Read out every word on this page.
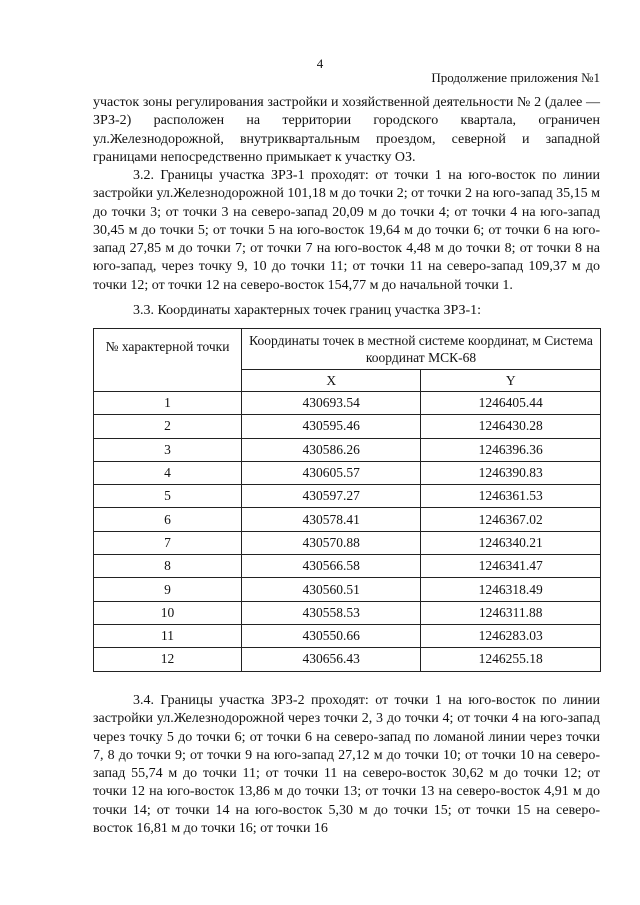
4
Продолжение приложения №1

участок зоны регулирования застройки и хозяйственной деятельности № 2 (далее — ЗРЗ-2) расположен на территории городского квартала, ограничен ул.Железнодорожной, внутриквартальным проездом, северной и западной границами непосредственно примыкает к участку ОЗ.

3.2. Границы участка ЗРЗ-1 проходят: от точки 1 на юго-восток по линии застройки ул.Железнодорожной 101,18 м до точки 2; от точки 2 на юго-запад 35,15 м до точки 3; от точки 3 на северо-запад 20,09 м до точки 4; от точки 4 на юго-запад 30,45 м до точки 5; от точки 5 на юго-восток 19,64 м до точки 6; от точки 6 на юго-запад 27,85 м до точки 7; от точки 7 на юго-восток 4,48 м до точки 8; от точки 8 на юго-запад, через точку 9, 10 до точки 11; от точки 11 на северо-запад 109,37 м до точки 12; от точки 12 на северо-восток 154,77 м до начальной точки 1.

3.3. Координаты характерных точек границ участка ЗРЗ-1:

№ характерной точки	Координаты точек в местной системе координат, м Система координат МСК-68	
	X	Y
1	430693.54	1246405.44
2	430595.46	1246430.28
3	430586.26	1246396.36
4	430605.57	1246390.83
5	430597.27	1246361.53
6	430578.41	1246367.02
7	430570.88	1246340.21
8	430566.58	1246341.47
9	430560.51	1246318.49
10	430558.53	1246311.88
11	430550.66	1246283.03
12	430656.43	1246255.18

3.4. Границы участка ЗРЗ-2 проходят: от точки 1 на юго-восток по линии застройки ул.Железнодорожной через точки 2, 3 до точки 4; от точки 4 на юго-запад через точку 5 до точки 6; от точки 6 на северо-запад по ломаной линии через точки 7, 8 до точки 9; от точки 9 на юго-запад 27,12 м до точки 10; от точки 10 на северо-запад 55,74 м до точки 11; от точки 11 на северо-восток 30,62 м до точки 12; от точки 12 на юго-восток 13,86 м до точки 13; от точки 13 на северо-восток 4,91 м до точки 14; от точки 14 на юго-восток 5,30 м до точки 15; от точки 15 на северо-восток 16,81 м до точки 16; от точки 16
